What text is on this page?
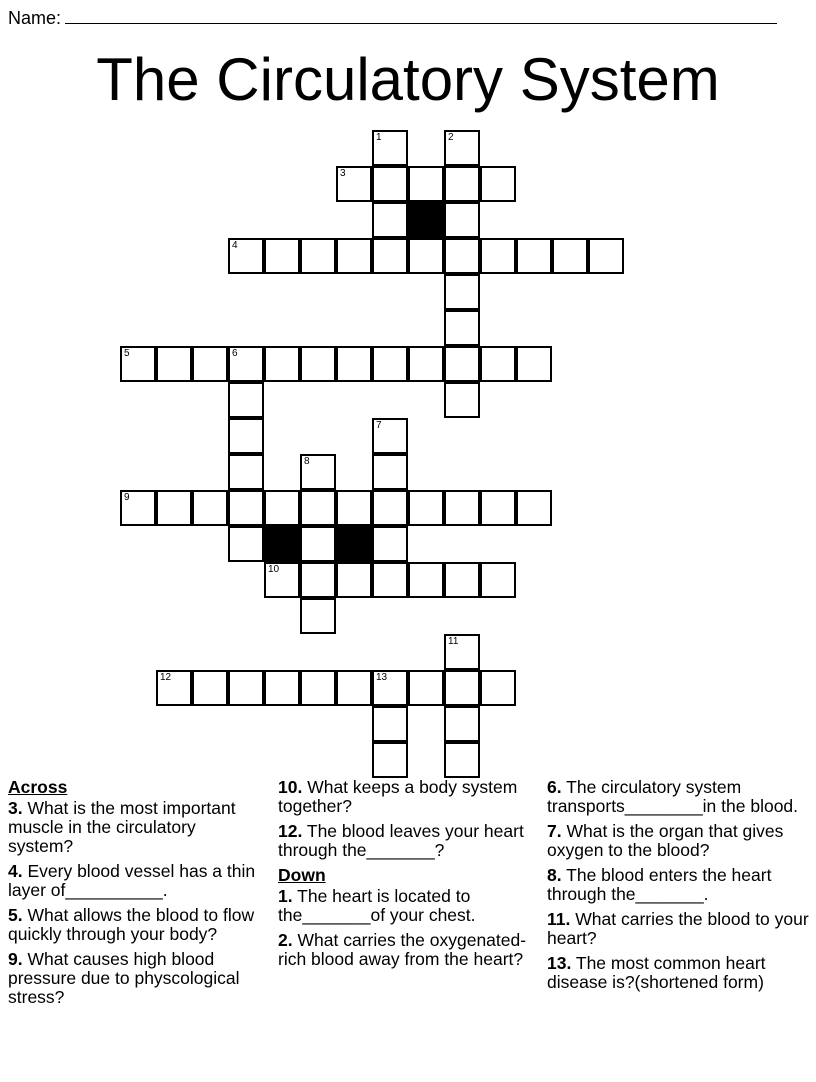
Name:
The Circulatory System
1	2
3
4
5	6
7
8
9
10
11
12	13
Across
3. What is the most important muscle in the circulatory system?
4. Every blood vessel has a thin layer of__________.
5. What allows the blood to flow quickly through your body?
9. What causes high blood pressure due to physcological stress?
10. What keeps a body system together?
12. The blood leaves your heart through the_______?
Down
1. The heart is located to the_______of your chest.
2. What carries the oxygenated-rich blood away from the heart?
6. The circulatory system transports________in the blood.
7. What is the organ that gives oxygen to the blood?
8. The blood enters the heart through the_______.
11. What carries the blood to your heart?
13. The most common heart disease is?(shortened form)
